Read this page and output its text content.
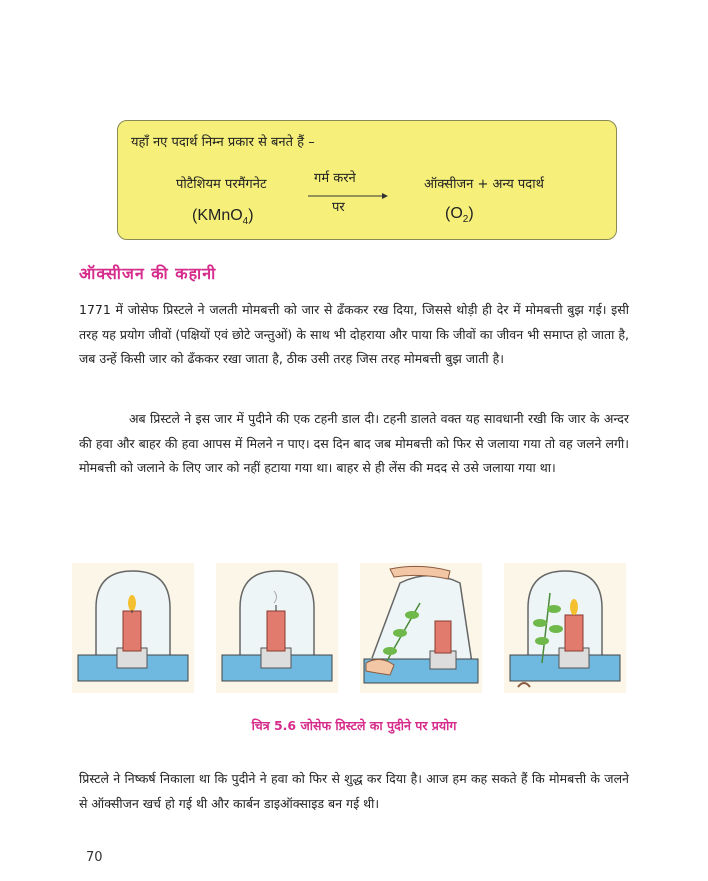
यहाँ नए पदार्थ निम्न प्रकार से बनते हैं –
पोटैशियम परमैंगनेट	गर्म करने
पर
ऑक्सीजन + अन्य पदार्थ
(KMnO$_4$)	$(O_2)$
ऑक्सीजन की कहानी

1771 में जोसेफ प्रिस्टले ने जलती मोमबत्ती को जार से ढँककर रख दिया, जिससे थोड़ी ही देर में मोमबत्ती बुझ गई। इसी तरह यह प्रयोग जीवों (पक्षियों एवं छोटे जन्तुओं) के साथ भी दोहराया और पाया कि जीवों का जीवन भी समाप्त हो जाता है, जब उन्हें किसी जार को ढँककर रखा जाता है, ठीक उसी तरह जिस तरह मोमबत्ती बुझ जाती है।

अब प्रिस्टले ने इस जार में पुदीने की एक टहनी डाल दी। टहनी डालते वक्त यह सावधानी रखी कि जार के अन्दर की हवा और बाहर की हवा आपस में मिलने न पाए। दस दिन बाद जब मोमबत्ती को फिर से जलाया गया तो वह जलने लगी। मोमबत्ती को जलाने के लिए जार को नहीं हटाया गया था। बाहर से ही लेंस की मदद से उसे जलाया गया था।

चित्र 5.6 जोसेफ प्रिस्टले का पुदीने पर प्रयोग

प्रिस्टले ने निष्कर्ष निकाला था कि पुदीने ने हवा को फिर से शुद्ध कर दिया है। आज हम कह सकते हैं कि मोमबत्ती के जलने से ऑक्सीजन खर्च हो गई थी और कार्बन डाइऑक्साइड बन गई थी।

70
